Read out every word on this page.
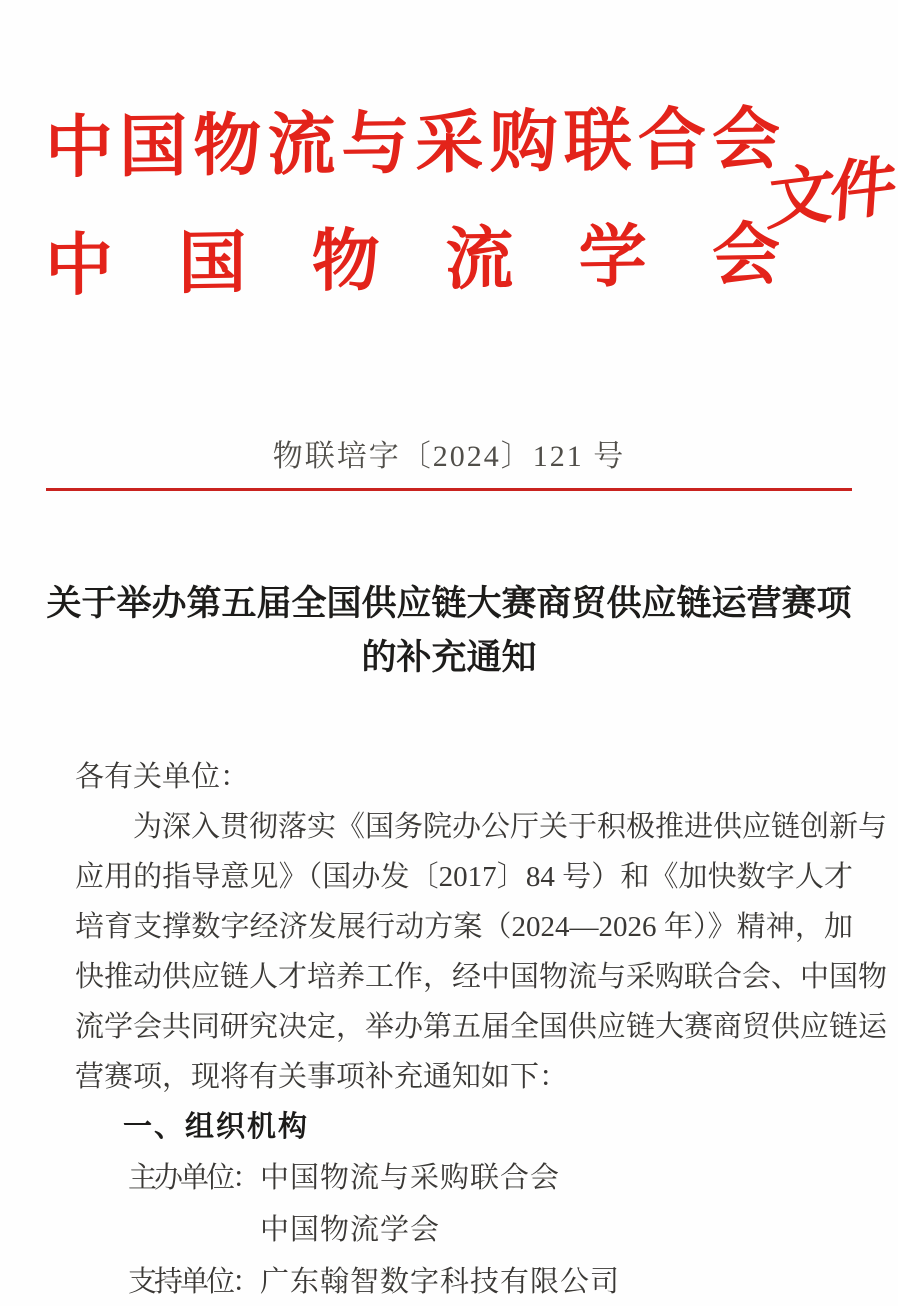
中国物流与采购联合会
中国物流学会
文件
物联培字〔2024〕121 号
关于举办第五届全国供应链大赛商贸供应链运营赛项
的补充通知

各有关单位：

为深入贯彻落实《国务院办公厅关于积极推进供应链创新与

应用的指导意见》（国办发〔2017〕84 号）和《加快数字人才

培育支撑数字经济发展行动方案（2024—2026 年）》精神，加

快推动供应链人才培养工作，经中国物流与采购联合会、中国物

流学会共同研究决定，举办第五届全国供应链大赛商贸供应链运

营赛项，现将有关事项补充通知如下：

一、组织机构

主办单位： 中国物流与采购联合会
中国物流学会
支持单位： 广东翰智数字科技有限公司
